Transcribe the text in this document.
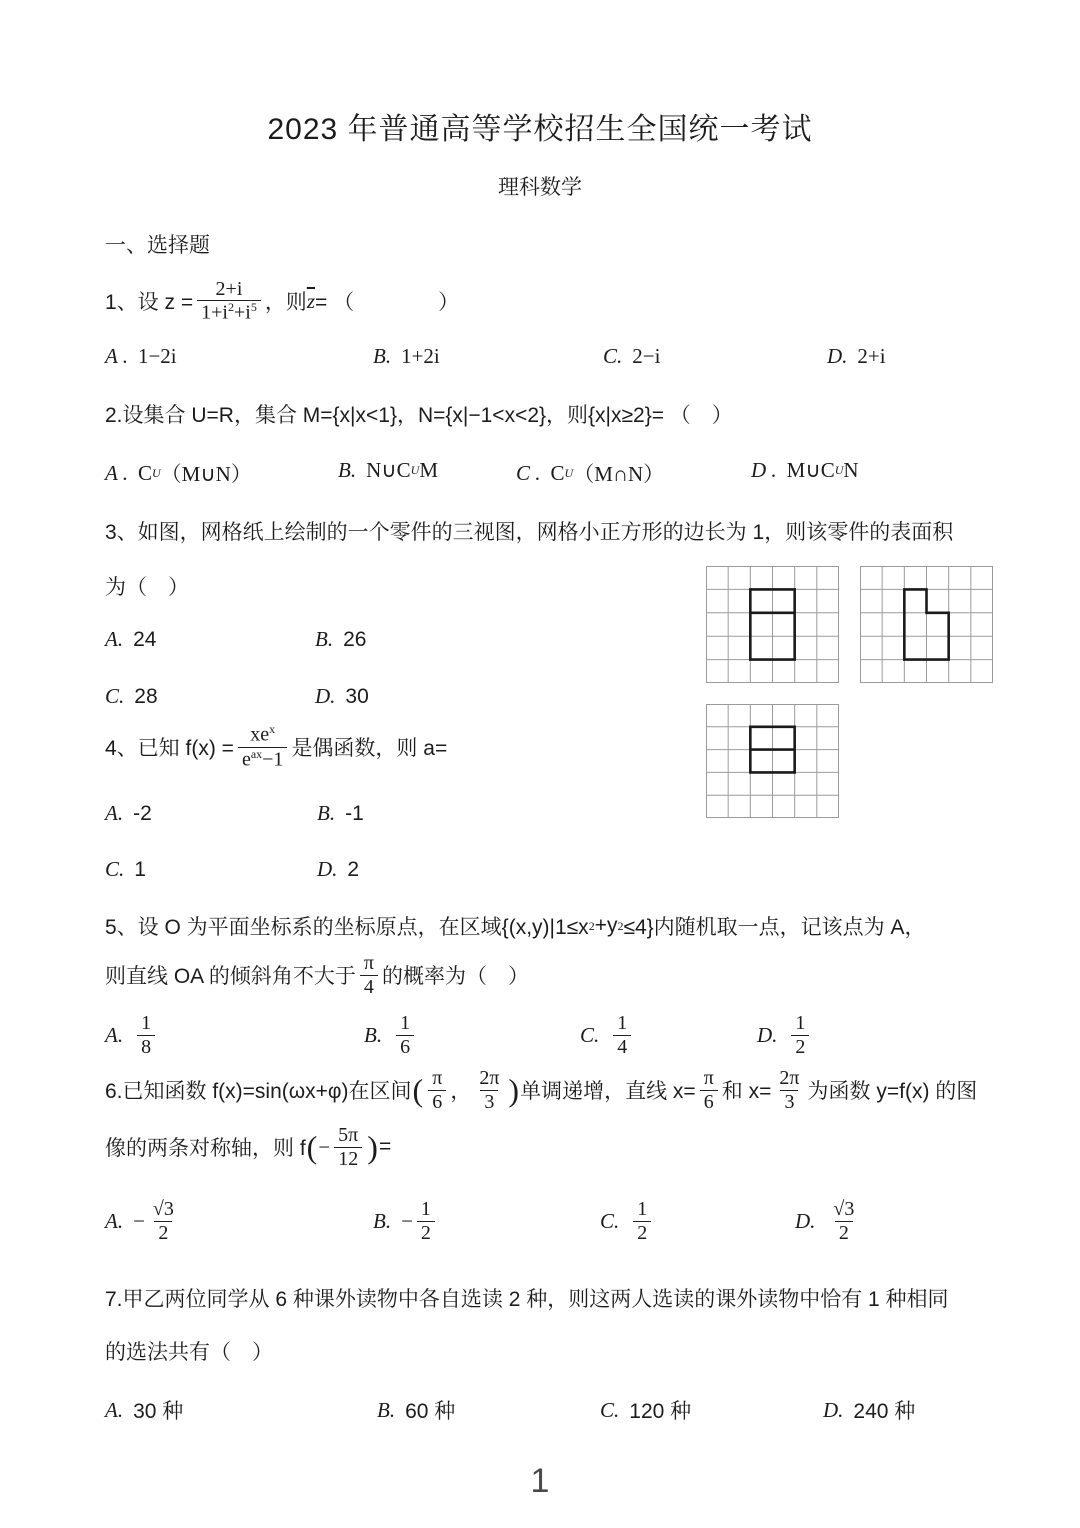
2023 年普通高等学校招生全国统一考试
理科数学
一、选择题
1、设 $z = \frac{2+i}{1+i^2+i^5}$ ，则 $\overline{z}$ = （　　　　）
A . 1−2i	B. 1+2i	C. 2−i	D. 2+i
2.设集合 U=R，集合 M={x|x<1}，N={x|−1<x<2}，则{x|x≥2}= （　）
A . C U （M∪N）	B. N∪ C U M	C . C U （M∩N）	D . M∪ C U N
3、如图，网格纸上绘制的一个零件的三视图，网格小正方形的边长为 1，则该零件的表面积
为（　）
A. 24	B. 26
C. 28	D. 30
4、已知 $f(x) = \frac{xe^x}{e^{ax}-1}$ 是偶函数，则 a=
A. -2	B. -1
C. 1	D. 2
5、设 O 为平面坐标系的坐标原点，在区域{(x,y)|1≤x 2 +y 2 ≤4}内随机取一点，记该点为 A，
则直线 OA 的倾斜角不大于 $\frac{\pi}{4}$ 的概率为（　）
A. $\frac{1}{8}$	B. $\frac{1}{6}$	C. $\frac{1}{4}$	D. $\frac{1}{2}$
6.已知函数 f(x)=sin(ωx+φ)在区间 ( $\frac{\pi}{6}$ ， $\frac{2\pi}{3}$ ) 单调递增，直线 $x= \frac{\pi}{6}$ 和 $x= \frac{2\pi}{3}$ 为函数 y=f(x) 的图
像的两条对称轴，则 f ( − $\frac{5\pi}{12}$ ) =
A. − $\frac{√3}{2}$	B. − $\frac{1}{2}$	C. $\frac{1}{2}$	D. $\frac{√3}{2}$
7.甲乙两位同学从 6 种课外读物中各自选读 2 种，则这两人选读的课外读物中恰有 1 种相同
的选法共有（　）
A. 30 种	B. 60 种	C. 120 种	D. 240 种
1
